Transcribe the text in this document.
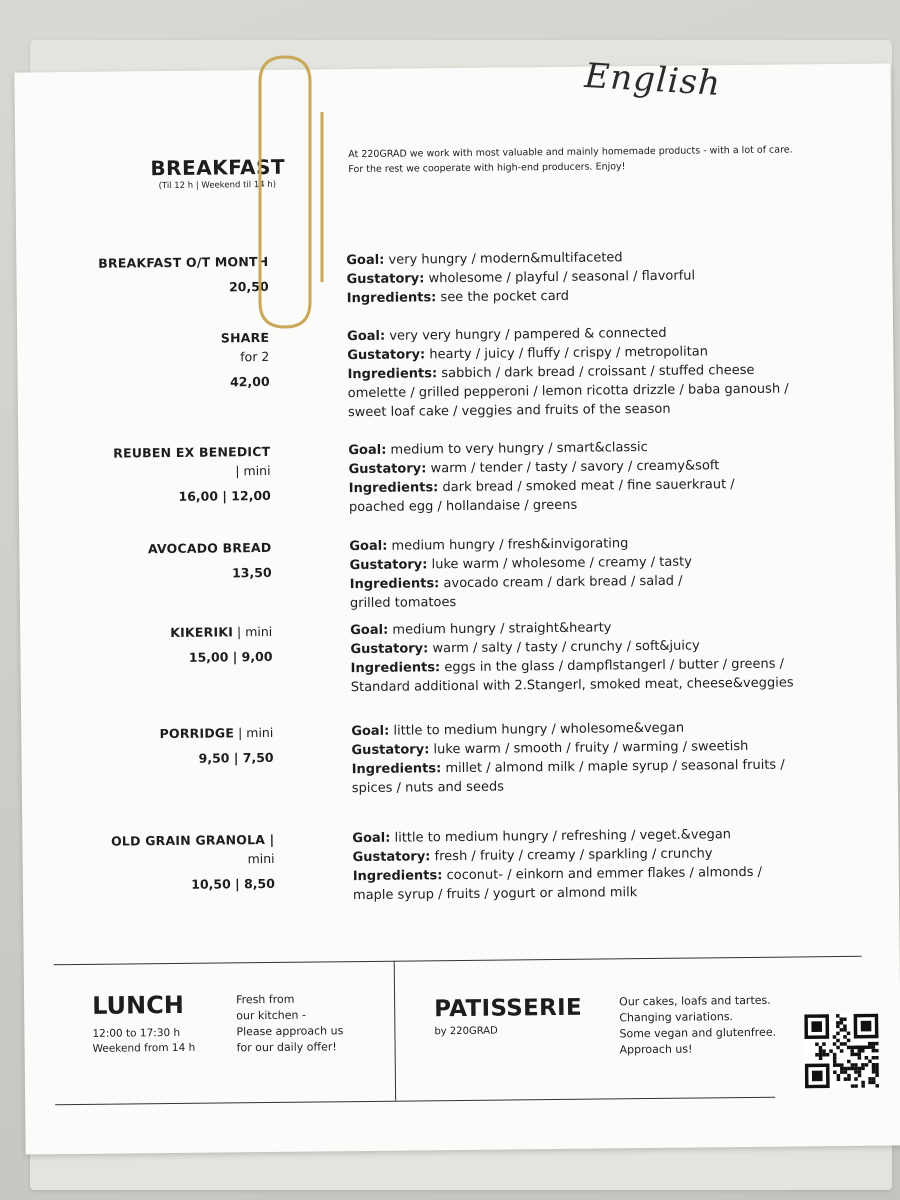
English
BREAKFAST
(Til 12 h | Weekend til 14 h)
At 220GRAD we work with most valuable and mainly homemade products - with a lot of care.
For the rest we cooperate with high-end producers. Enjoy!
BREAKFAST O/T MONTH
20,50
Goal: very hungry / modern&multifaceted
Gustatory: wholesome / playful / seasonal / flavorful
Ingredients: see the pocket card
SHARE
for 2
42,00
Goal: very very hungry / pampered & connected
Gustatory: hearty / juicy / fluffy / crispy / metropolitan
Ingredients: sabbich / dark bread / croissant / stuffed cheese
omelette / grilled pepperoni / lemon ricotta drizzle / baba ganoush /
sweet loaf cake / veggies and fruits of the season
REUBEN EX BENEDICT
| mini
16,00 | 12,00
Goal: medium to very hungry / smart&classic
Gustatory: warm / tender / tasty / savory / creamy&soft
Ingredients: dark bread / smoked meat / fine sauerkraut /
poached egg / hollandaise / greens
AVOCADO BREAD
13,50
Goal: medium hungry / fresh&invigorating
Gustatory: luke warm / wholesome / creamy / tasty
Ingredients: avocado cream / dark bread / salad /
grilled tomatoes
KIKERIKI | mini
15,00 | 9,00
Goal: medium hungry / straight&hearty
Gustatory: warm / salty / tasty / crunchy / soft&juicy
Ingredients: eggs in the glass / dampflstangerl / butter / greens /
Standard additional with 2.Stangerl, smoked meat, cheese&veggies
PORRIDGE | mini
9,50 | 7,50
Goal: little to medium hungry / wholesome&vegan
Gustatory: luke warm / smooth / fruity / warming / sweetish
Ingredients: millet / almond milk / maple syrup / seasonal fruits /
spices / nuts and seeds
OLD GRAIN GRANOLA |
mini
10,50 | 8,50
Goal: little to medium hungry / refreshing / veget.&vegan
Gustatory: fresh / fruity / creamy / sparkling / crunchy
Ingredients: coconut- / einkorn and emmer flakes / almonds /
maple syrup / fruits / yogurt or almond milk
LUNCH
12:00 to 17:30 h
Weekend from 14 h
Fresh from
our kitchen -
Please approach us
for our daily offer!
PATISSERIE
by 220GRAD
Our cakes, loafs and tartes.
Changing variations.
Some vegan and glutenfree.
Approach us!
